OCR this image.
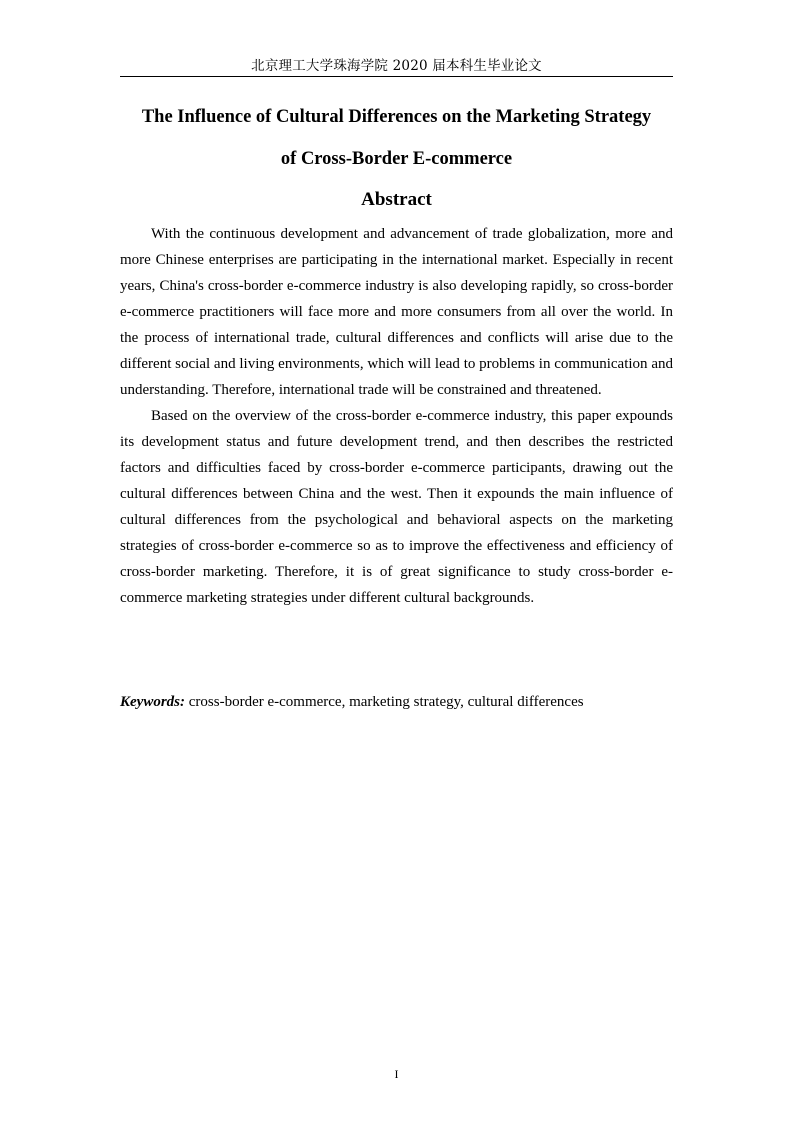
北京理工大学珠海学院 2020 届本科生毕业论文
The Influence of Cultural Differences on the Marketing Strategy
of Cross-Border E-commerce
Abstract

With the continuous development and advancement of trade globalization, more and more Chinese enterprises are participating in the international market. Especially in recent years, China's cross-border e-commerce industry is also developing rapidly, so cross-border e-commerce practitioners will face more and more consumers from all over the world. In the process of international trade, cultural differences and conflicts will arise due to the different social and living environments, which will lead to problems in communication and understanding. Therefore, international trade will be constrained and threatened.

Based on the overview of the cross-border e-commerce industry, this paper expounds its development status and future development trend, and then describes the restricted factors and difficulties faced by cross-border e-commerce participants, drawing out the cultural differences between China and the west. Then it expounds the main influence of cultural differences from the psychological and behavioral aspects on the marketing strategies of cross-border e-commerce so as to improve the effectiveness and efficiency of cross-border marketing. Therefore, it is of great significance to study cross-border e-commerce marketing strategies under different cultural backgrounds.

Keywords: cross-border e-commerce, marketing strategy, cultural differences
I
